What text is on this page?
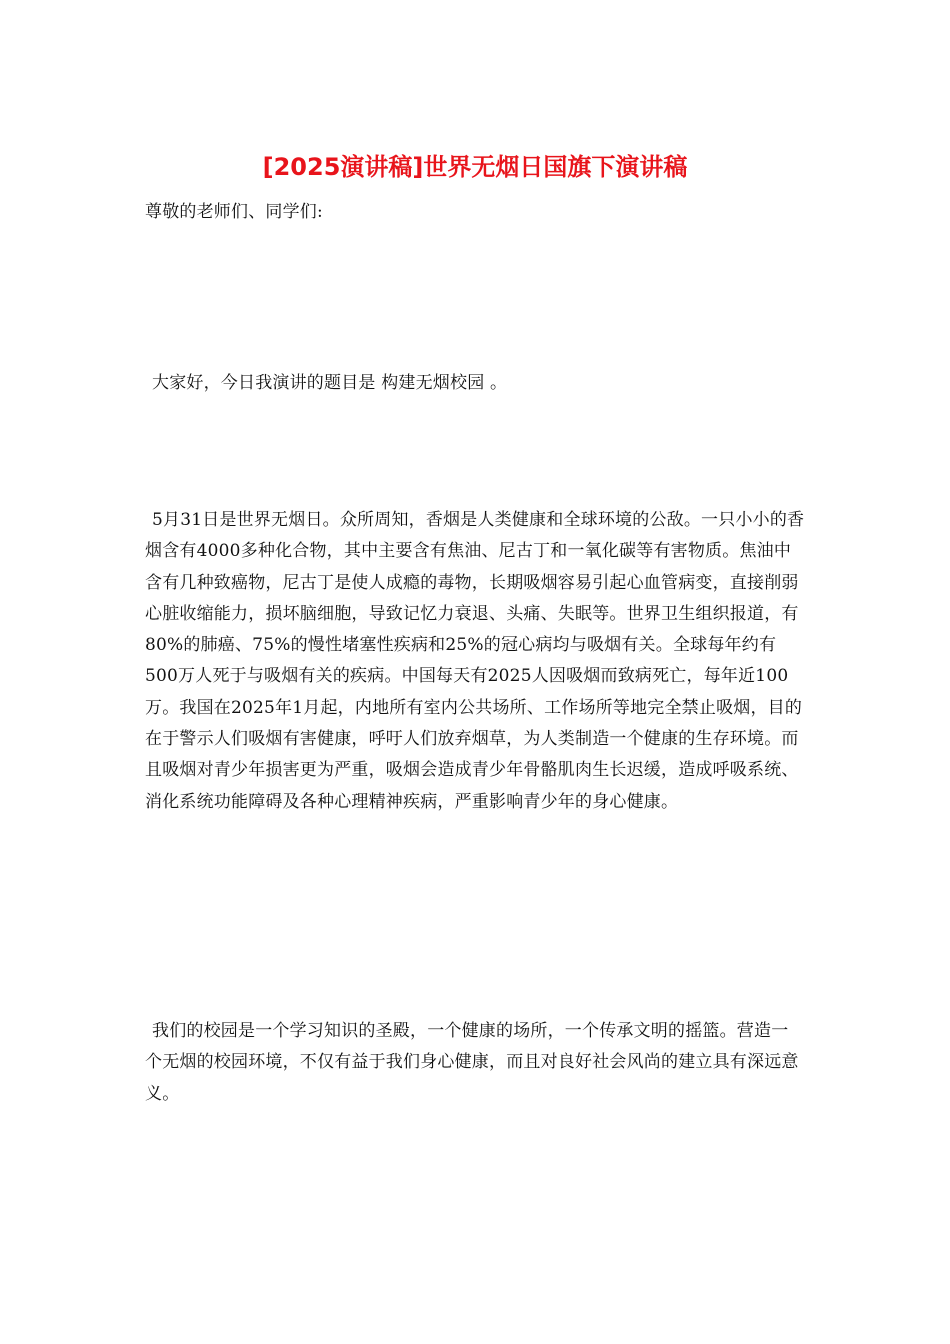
[2025演讲稿]世界无烟日国旗下演讲稿

尊敬的老师们、同学们:

大家好，今日我演讲的题目是 构建无烟校园 。

5月31日是世界无烟日。众所周知，香烟是人类健康和全球环境的公敌。一只小小的香烟含有4000多种化合物，其中主要含有焦油、尼古丁和一氧化碳等有害物质。焦油中含有几种致癌物，尼古丁是使人成瘾的毒物，长期吸烟容易引起心血管病变，直接削弱心脏收缩能力，损坏脑细胞，导致记忆力衰退、头痛、失眠等。世界卫生组织报道，有80%的肺癌、75%的慢性堵塞性疾病和25%的冠心病均与吸烟有关。全球每年约有500万人死于与吸烟有关的疾病。中国每天有2025人因吸烟而致病死亡，每年近100万。我国在2025年1月起，内地所有室内公共场所、工作场所等地完全禁止吸烟，目的在于警示人们吸烟有害健康，呼吁人们放弃烟草，为人类制造一个健康的生存环境。而且吸烟对青少年损害更为严重，吸烟会造成青少年骨骼肌肉生长迟缓，造成呼吸系统、消化系统功能障碍及各种心理精神疾病，严重影响青少年的身心健康。

我们的校园是一个学习知识的圣殿，一个健康的场所，一个传承文明的摇篮。营造一个无烟的校园环境，不仅有益于我们身心健康，而且对良好社会风尚的建立具有深远意义。
